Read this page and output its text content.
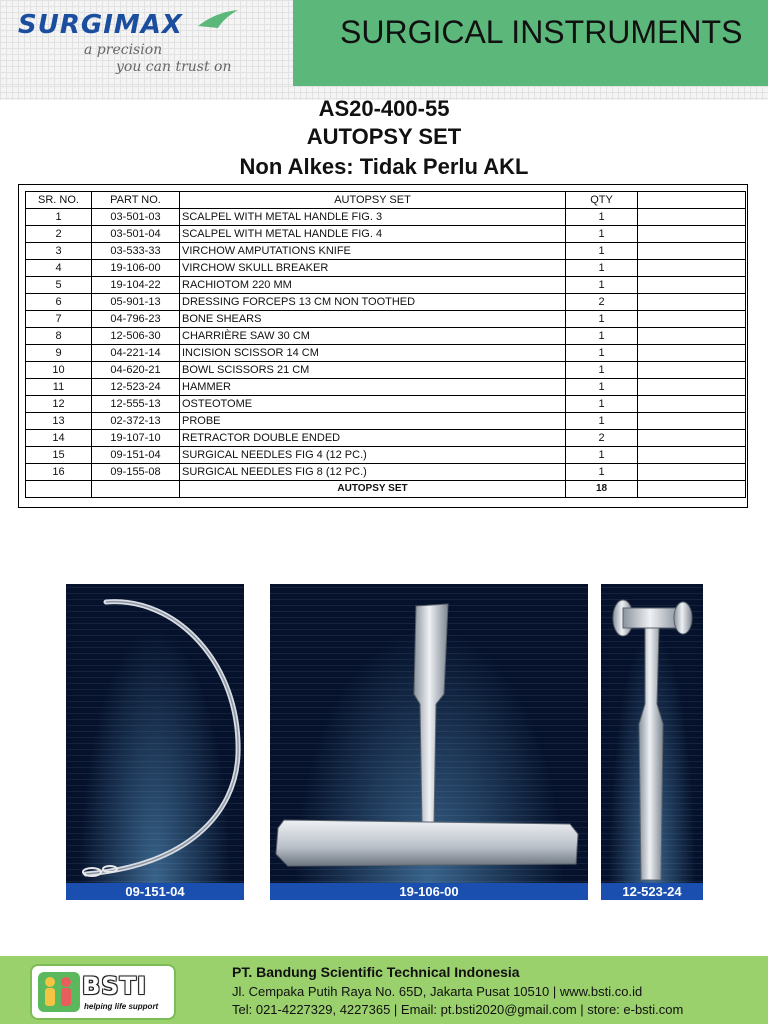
SURGIMAX
a precision
you can trust on
SURGICAL INSTRUMENTS
AS20-400-55
AUTOPSY SET
Non Alkes: Tidak Perlu AKL
SR. NO.	PART NO.	AUTOPSY SET	QTY	
1	03-501-03	SCALPEL WITH METAL HANDLE FIG. 3	1	
2	03-501-04	SCALPEL WITH METAL HANDLE FIG. 4	1	
3	03-533-33	VIRCHOW AMPUTATIONS KNIFE	1	
4	19-106-00	VIRCHOW SKULL BREAKER	1	
5	19-104-22	RACHIOTOM 220 MM	1	
6	05-901-13	DRESSING FORCEPS 13 CM NON TOOTHED	2	
7	04-796-23	BONE SHEARS	1	
8	12-506-30	CHARRIÈRE SAW 30 CM	1	
9	04-221-14	INCISION SCISSOR 14 CM	1	
10	04-620-21	BOWL SCISSORS 21 CM	1	
11	12-523-24	HAMMER	1	
12	12-555-13	OSTEOTOME	1	
13	02-372-13	PROBE	1	
14	19-107-10	RETRACTOR DOUBLE ENDED	2	
15	09-151-04	SURGICAL NEEDLES FIG 4 (12 PC.)	1	
16	09-155-08	SURGICAL NEEDLES FIG 8 (12 PC.)	1	
		AUTOPSY SET	18	
09-151-04	19-106-00	12-523-24
BSTI
helping life support
PT. Bandung Scientific Technical Indonesia
Jl. Cempaka Putih Raya No. 65D, Jakarta Pusat 10510 | www.bsti.co.id
Tel: 021-4227329, 4227365 | Email: pt.bsti2020@gmail.com | store: e-bsti.com
